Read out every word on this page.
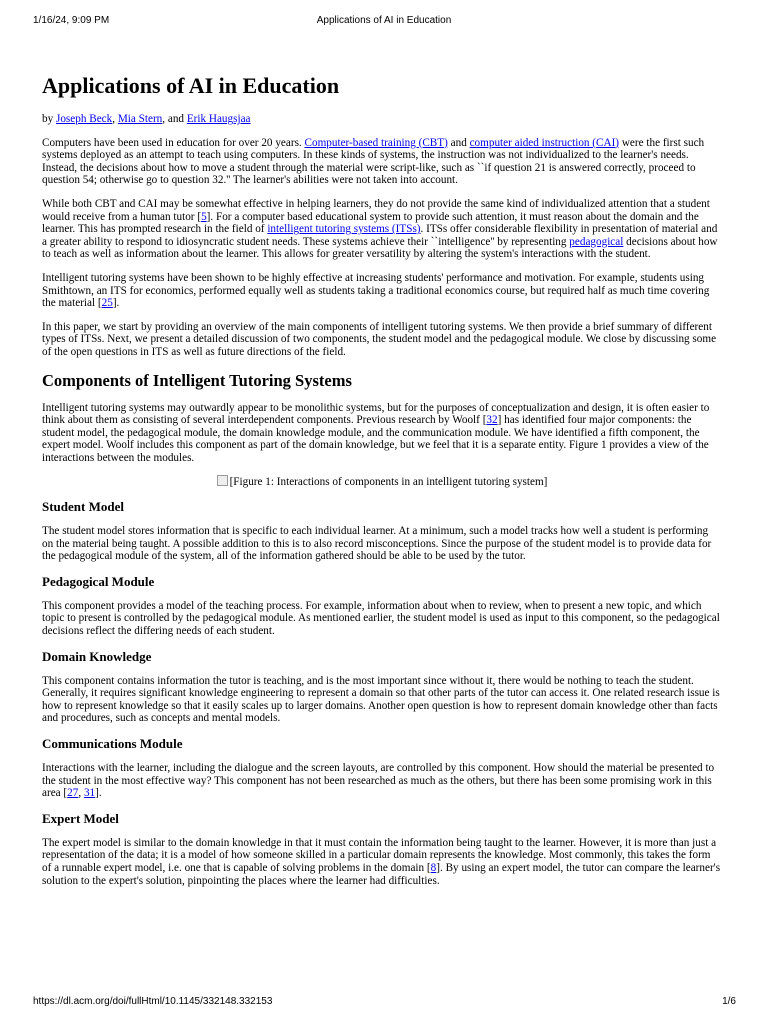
1/16/24, 9:09 PM	Applications of AI in Education
Applications of AI in Education

by Joseph Beck, Mia Stern, and Erik Haugsjaa

Computers have been used in education for over 20 years. Computer-based training (CBT) and computer aided instruction (CAI) were the first such systems deployed as an attempt to teach using computers. In these kinds of systems, the instruction was not individualized to the learner's needs. Instead, the decisions about how to move a student through the material were script-like, such as ``if question 21 is answered correctly, proceed to question 54; otherwise go to question 32.'' The learner's abilities were not taken into account.

While both CBT and CAI may be somewhat effective in helping learners, they do not provide the same kind of individualized attention that a student would receive from a human tutor [5]. For a computer based educational system to provide such attention, it must reason about the domain and the learner. This has prompted research in the field of intelligent tutoring systems (ITSs). ITSs offer considerable flexibility in presentation of material and a greater ability to respond to idiosyncratic student needs. These systems achieve their ``intelligence'' by representing pedagogical decisions about how to teach as well as information about the learner. This allows for greater versatility by altering the system's interactions with the student.

Intelligent tutoring systems have been shown to be highly effective at increasing students' performance and motivation. For example, students using Smithtown, an ITS for economics, performed equally well as students taking a traditional economics course, but required half as much time covering the material [25].

In this paper, we start by providing an overview of the main components of intelligent tutoring systems. We then provide a brief summary of different types of ITSs. Next, we present a detailed discussion of two components, the student model and the pedagogical module. We close by discussing some of the open questions in ITS as well as future directions of the field.

Components of Intelligent Tutoring Systems

Intelligent tutoring systems may outwardly appear to be monolithic systems, but for the purposes of conceptualization and design, it is often easier to think about them as consisting of several interdependent components. Previous research by Woolf [32] has identified four major components: the student model, the pedagogical module, the domain knowledge module, and the communication module. We have identified a fifth component, the expert model. Woolf includes this component as part of the domain knowledge, but we feel that it is a separate entity. Figure 1 provides a view of the interactions between the modules.

[Figure 1: Interactions of components in an intelligent tutoring system]
Student Model

The student model stores information that is specific to each individual learner. At a minimum, such a model tracks how well a student is performing on the material being taught. A possible addition to this is to also record misconceptions. Since the purpose of the student model is to provide data for the pedagogical module of the system, all of the information gathered should be able to be used by the tutor.

Pedagogical Module

This component provides a model of the teaching process. For example, information about when to review, when to present a new topic, and which topic to present is controlled by the pedagogical module. As mentioned earlier, the student model is used as input to this component, so the pedagogical decisions reflect the differing needs of each student.

Domain Knowledge

This component contains information the tutor is teaching, and is the most important since without it, there would be nothing to teach the student. Generally, it requires significant knowledge engineering to represent a domain so that other parts of the tutor can access it. One related research issue is how to represent knowledge so that it easily scales up to larger domains. Another open question is how to represent domain knowledge other than facts and procedures, such as concepts and mental models.

Communications Module

Interactions with the learner, including the dialogue and the screen layouts, are controlled by this component. How should the material be presented to the student in the most effective way? This component has not been researched as much as the others, but there has been some promising work in this area [27, 31].

Expert Model

The expert model is similar to the domain knowledge in that it must contain the information being taught to the learner. However, it is more than just a representation of the data; it is a model of how someone skilled in a particular domain represents the knowledge. Most commonly, this takes the form of a runnable expert model, i.e. one that is capable of solving problems in the domain [8]. By using an expert model, the tutor can compare the learner's solution to the expert's solution, pinpointing the places where the learner had difficulties.

https://dl.acm.org/doi/fullHtml/10.1145/332148.332153	1/6
